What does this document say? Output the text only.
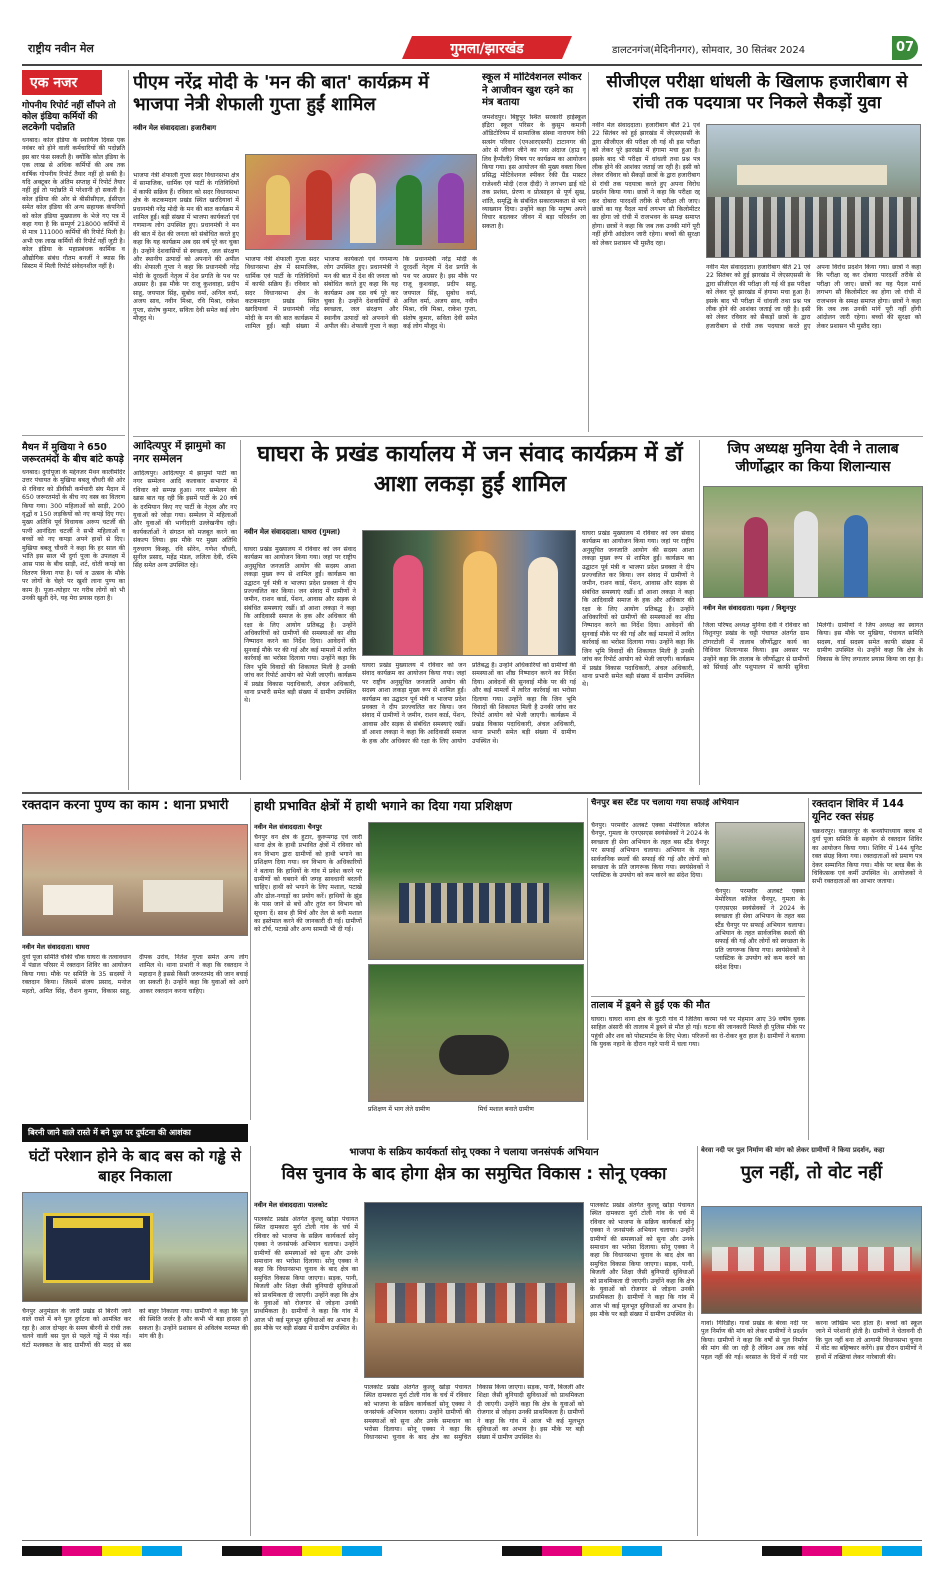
राष्ट्रीय नवीन मेल	गुमला/झारखंड	डालटनगंज(मेदिनीनगर), सोमवार, 30 सितंबर 2024	07
एक नजर
गोपनीय रिपोर्ट नहीं सौंपने तो कोल इंडिया कर्मियों की लटकेगी पदोन्नति
धनबाद। कोल इंडिया के स्थायित्व दिवस एक नवंबर को होने वाली कर्मचारियों की पदोन्नति इस बार फंस सकती है। क्योंकि कोल इंडिया के एक लाख से अधिक कर्मियों की अब तक वार्षिक गोपनीय रिपोर्ट तैयार नहीं हो सकी है। यदि अक्टूबर के अंतिम सप्ताह में रिपोर्ट तैयार नहीं हुई तो पदोन्नति में परेशानी हो सकती है। कोल इंडिया की ओर से बीसीसीएल, ईसीएल समेत कोल इंडिया की अन्य सहायक कंपनियों को कोल इंडिया मुख्यालय के भेजे गए पत्र में कहा गया है कि सम्पूर्ण 218000 कर्मियों में से मात्र 111000 कर्मियों की रिपोर्ट मिली है। अभी एक लाख कर्मियों की रिपोर्ट नहीं जुटी है। कोल इंडिया के महाप्रबंधक कार्मिक व औद्योगिक संबंध गौतम बनर्जी ने ब्यास कि सिस्टम में मिली रिपोर्ट संवेदनशील नहीं है।
मैथन में मुखिया ने 650 जरूरतमंदों के बीच बांटे कपड़े
धनबाद। दुर्गापूजा के मद्देनजर मैथन कालीमंदिर उत्तर पंचायत के मुखिया बबलू चौधरी की ओर से रविवार को डीवीसी कर्मचारी संघ मैदान में 650 जरूरतमंदों के बीच नए वस्त्र का वितरण किया गया। 300 महिलाओं को साड़ी, 200 वृद्धों व 150 लड़कियों को नए कपड़े दिए गए। मुख्य अतिथि पूर्व विधायक अरूप चटर्जी की पत्नी आनंदिता चटर्जी ने सभी महिलाओं व बच्चों को नए कपड़ा अपने हाथों से दिए। मुखिया बबलू चौधरी ने कहा कि हर साल की भांति इस साल भी दुर्गा पूजा के उपलक्ष्य में आस पास के बीच साड़ी, शर्ट, धोती कपड़े का वितरण किया गया है। पर्व व उत्सव के मौके पर लोगों के चेहरे पर खुशी लाना पुण्य का काम है। पूजा-त्योहार पर गरीब लोगों को भी उनकी खुशी देने, यह मेरा प्रयास रहता है।
पीएम नरेंद्र मोदी के 'मन की बात' कार्यक्रम में भाजपा नेत्री शेफाली गुप्ता हुईं शामिल
नवीन मेल संवाददाता। हजारीबाग
भाजपा नेत्री शेफाली गुप्ता सदर विधानसभा क्षेत्र में सामाजिक, धार्मिक एवं पार्टी के गतिविधियों में काफी सक्रिय हैं। रविवार को सदर विधानसभा क्षेत्र के कटकमदाग प्रखंड स्थित खरदियावां में प्रधानमंत्री नरेंद्र मोदी के मन की बात कार्यक्रम में शामिल हुईं। बड़ी संख्या में भाजपा कार्यकर्ता एवं गणमान्य लोग उपस्थित हुए। प्रधानमंत्री ने मन की बात में देश की जनता को संबोधित करते हुए कहा कि यह कार्यक्रम अब दस वर्ष पूरे कर चुका है। उन्होंने देशवासियों से स्वच्छता, जल संरक्षण और स्थानीय उत्पादों को अपनाने की अपील की। शेफाली गुप्ता ने कहा कि प्रधानमंत्री नरेंद्र मोदी के दूरदर्शी नेतृत्व में देश प्रगति के पथ पर अग्रसर है। इस मौके पर राजू कुशवाहा, प्रदीप साहू, जयपाल सिंह, सुबोध वर्मा, अनिल वर्मा, अजय साव, नवीन मिश्रा, रवि मिश्रा, राकेश गुप्ता, संतोष कुमार, सविता देवी समेत कई लोग मौजूद थे।
भाजपा नेत्री शेफाली गुप्ता सदर विधानसभा क्षेत्र में सामाजिक, धार्मिक एवं पार्टी के गतिविधियों में काफी सक्रिय हैं। रविवार को सदर विधानसभा क्षेत्र के कटकमदाग प्रखंड स्थित खरदियावां में प्रधानमंत्री नरेंद्र मोदी के मन की बात कार्यक्रम में शामिल हुईं। बड़ी संख्या में भाजपा कार्यकर्ता एवं गणमान्य लोग उपस्थित हुए। प्रधानमंत्री ने मन की बात में देश की जनता को संबोधित करते हुए कहा कि यह कार्यक्रम अब दस वर्ष पूरे कर चुका है। उन्होंने देशवासियों से स्वच्छता, जल संरक्षण और स्थानीय उत्पादों को अपनाने की अपील की। शेफाली गुप्ता ने कहा कि प्रधानमंत्री नरेंद्र मोदी के दूरदर्शी नेतृत्व में देश प्रगति के पथ पर अग्रसर है। इस मौके पर राजू कुशवाहा, प्रदीप साहू, जयपाल सिंह, सुबोध वर्मा, अनिल वर्मा, अजय साव, नवीन मिश्रा, रवि मिश्रा, राकेश गुप्ता, संतोष कुमार, सविता देवी समेत कई लोग मौजूद थे।
स्कूल में मोटिवेशनल स्पीकर ने आजीवन खुश रहने का मंत्र बताया
जमशेदपुर। बिष्टुपुर स्थित सरकारी हाईस्कूल इंद्रिरा स्कूल परिसर के कुसुम कमानी ऑडिटोरियम में सामाजिक संस्था नारायण रेकी सत्संग परिवार (एनआरएसपी) टाटानगर की ओर से जीवन जीने का नया अंदाज (हाउ वू लिव हैप्पीली) विषय पर कार्यक्रम का आयोजन किया गया। इस आयोजन की मुख्य वक्ता विश्व प्रसिद्ध मोटिवेशनल स्पीकर रेकी ग्रैंड मास्टर राजेश्वरी मोदी (राज दीदी) ने लगभग ढाई घंटे तक प्रशंसा, प्रेरणा व प्रोत्साहन से पूर्ण सुख, शांति, समृद्धि के संबंधित सकारात्मकता से भरा व्याख्यान दिया। उन्होंने कहा कि मनुष्य अपने विचार बदलकर जीवन में बड़ा परिवर्तन ला सकता है।
सीजीएल परीक्षा धांधली के खिलाफ हजारीबाग से रांची तक पदयात्रा पर निकले सैकड़ों युवा
नवीन मेल संवाददाता। हजारीबाग बीते 21 एवं 22 सितंबर को हुई झारखंड में जेएसएससी के द्वारा सीजीएल की परीक्षा ली गई थी इस परीक्षा को लेकर पूरे झारखंड में हंगामा मचा हुआ है। इसके बाद भी परीक्षा में धांधली तथा प्रश्न पत्र लीक होने की आशंका जताई जा रही है। इसी को लेकर रविवार को सैकड़ों छात्रों के द्वारा हजारीबाग से रांची तक पदयात्रा करते हुए अपना विरोध प्रदर्शन किया गया। छात्रों ने कहा कि परीक्षा रद्द कर दोबारा पारदर्शी तरीके से परीक्षा ली जाए। छात्रों का यह पैदल मार्च लगभग सौ किलोमीटर का होगा जो रांची में राजभवन के समक्ष समाप्त होगा। छात्रों ने कहा कि जब तक उनकी मांगें पूरी नहीं होंगी आंदोलन जारी रहेगा। बच्चों की सुरक्षा को लेकर प्रशासन भी मुस्तैद रहा।
नवीन मेल संवाददाता। हजारीबाग बीते 21 एवं 22 सितंबर को हुई झारखंड में जेएसएससी के द्वारा सीजीएल की परीक्षा ली गई थी इस परीक्षा को लेकर पूरे झारखंड में हंगामा मचा हुआ है। इसके बाद भी परीक्षा में धांधली तथा प्रश्न पत्र लीक होने की आशंका जताई जा रही है। इसी को लेकर रविवार को सैकड़ों छात्रों के द्वारा हजारीबाग से रांची तक पदयात्रा करते हुए अपना विरोध प्रदर्शन किया गया। छात्रों ने कहा कि परीक्षा रद्द कर दोबारा पारदर्शी तरीके से परीक्षा ली जाए। छात्रों का यह पैदल मार्च लगभग सौ किलोमीटर का होगा जो रांची में राजभवन के समक्ष समाप्त होगा। छात्रों ने कहा कि जब तक उनकी मांगें पूरी नहीं होंगी आंदोलन जारी रहेगा। बच्चों की सुरक्षा को लेकर प्रशासन भी मुस्तैद रहा।
आदित्यपुर में झामुमो का नगर सम्मेलन
आदित्यपुर। आदित्यपुर में झामुमो पार्टी का नगर सम्मेलन आदि कलाकार सभागार में रविवार को सम्पन्न हुआ। नगर सम्मेलन की खास बात यह रही कि इसमें पार्टी के 20 वर्ष के दरमियान किए गए पार्टी के नेतृत्व और नए युवाओं को जोड़ा गया। सम्मेलन में महिलाओं और युवाओं की भागीदारी उल्लेखनीय रही। कार्यकर्ताओं ने संगठन को मजबूत करने का संकल्प लिया। इस मौके पर मुख्य अतिथि गुरुचरण किस्कू, रवि सोरेन, गणेश चौधरी, सुनील प्रसाद, महेंद्र मंडल, ललिता देवी, रश्मि सिंह समेत अन्य उपस्थित रहे।
घाघरा के प्रखंड कार्यालय में जन संवाद कार्यक्रम में डॉ आशा लकड़ा हुईं शामिल
नवीन मेल संवाददाता। घाघरा (गुमला)
घाघरा प्रखंड मुख्यालय में रविवार को जन संवाद कार्यक्रम का आयोजन किया गया। जहां पर राष्ट्रीय अनुसूचित जनजाति आयोग की सदस्य आशा लकड़ा मुख्य रूप से शामिल हुईं। कार्यक्रम का उद्घाटन पूर्व मंत्री व भाजपा प्रदेश प्रवक्ता ने दीप प्रज्ज्वलित कर किया। जन संवाद में ग्रामीणों ने जमीन, राशन कार्ड, पेंशन, आवास और सड़क से संबंधित समस्याएं रखीं। डॉ आशा लकड़ा ने कहा कि आदिवासी समाज के हक और अधिकार की रक्षा के लिए आयोग प्रतिबद्ध है। उन्होंने अधिकारियों को ग्रामीणों की समस्याओं का शीघ्र निष्पादन करने का निर्देश दिया। आवेदनों की सुनवाई मौके पर की गई और कई मामलों में त्वरित कार्रवाई का भरोसा दिलाया गया। उन्होंने कहा कि जिन भूमि विवादों की शिकायत मिली है उनकी जांच कर रिपोर्ट आयोग को भेजी जाएगी। कार्यक्रम में प्रखंड विकास पदाधिकारी, अंचल अधिकारी, थाना प्रभारी समेत बड़ी संख्या में ग्रामीण उपस्थित थे।
घाघरा प्रखंड मुख्यालय में रविवार को जन संवाद कार्यक्रम का आयोजन किया गया। जहां पर राष्ट्रीय अनुसूचित जनजाति आयोग की सदस्य आशा लकड़ा मुख्य रूप से शामिल हुईं। कार्यक्रम का उद्घाटन पूर्व मंत्री व भाजपा प्रदेश प्रवक्ता ने दीप प्रज्ज्वलित कर किया। जन संवाद में ग्रामीणों ने जमीन, राशन कार्ड, पेंशन, आवास और सड़क से संबंधित समस्याएं रखीं। डॉ आशा लकड़ा ने कहा कि आदिवासी समाज के हक और अधिकार की रक्षा के लिए आयोग प्रतिबद्ध है। उन्होंने अधिकारियों को ग्रामीणों की समस्याओं का शीघ्र निष्पादन करने का निर्देश दिया। आवेदनों की सुनवाई मौके पर की गई और कई मामलों में त्वरित कार्रवाई का भरोसा दिलाया गया। उन्होंने कहा कि जिन भूमि विवादों की शिकायत मिली है उनकी जांच कर रिपोर्ट आयोग को भेजी जाएगी। कार्यक्रम में प्रखंड विकास पदाधिकारी, अंचल अधिकारी, थाना प्रभारी समेत बड़ी संख्या में ग्रामीण उपस्थित थे।
घाघरा प्रखंड मुख्यालय में रविवार को जन संवाद कार्यक्रम का आयोजन किया गया। जहां पर राष्ट्रीय अनुसूचित जनजाति आयोग की सदस्य आशा लकड़ा मुख्य रूप से शामिल हुईं। कार्यक्रम का उद्घाटन पूर्व मंत्री व भाजपा प्रदेश प्रवक्ता ने दीप प्रज्ज्वलित कर किया। जन संवाद में ग्रामीणों ने जमीन, राशन कार्ड, पेंशन, आवास और सड़क से संबंधित समस्याएं रखीं। डॉ आशा लकड़ा ने कहा कि आदिवासी समाज के हक और अधिकार की रक्षा के लिए आयोग प्रतिबद्ध है। उन्होंने अधिकारियों को ग्रामीणों की समस्याओं का शीघ्र निष्पादन करने का निर्देश दिया। आवेदनों की सुनवाई मौके पर की गई और कई मामलों में त्वरित कार्रवाई का भरोसा दिलाया गया। उन्होंने कहा कि जिन भूमि विवादों की शिकायत मिली है उनकी जांच कर रिपोर्ट आयोग को भेजी जाएगी। कार्यक्रम में प्रखंड विकास पदाधिकारी, अंचल अधिकारी, थाना प्रभारी समेत बड़ी संख्या में ग्रामीण उपस्थित थे।
जिप अध्यक्ष मुनिया देवी ने तालाब जीर्णोद्धार का किया शिलान्यास
नवीन मेल संवाददाता। गढ़वा / विशुनपुर
जिला परिषद अध्यक्ष मुनिया देवी ने रविवार को विशुनपुर प्रखंड के चट्टी पंचायत अंतर्गत ग्राम टांगरटोली में तालाब जीर्णोद्धार कार्य का विधिवत शिलान्यास किया। इस अवसर पर उन्होंने कहा कि तालाब के जीर्णोद्धार से ग्रामीणों को सिंचाई और पशुपालन में काफी सुविधा मिलेगी। ग्रामीणों ने जिप अध्यक्ष का स्वागत किया। इस मौके पर मुखिया, पंचायत समिति सदस्य, वार्ड सदस्य समेत काफी संख्या में ग्रामीण उपस्थित थे। उन्होंने कहा कि क्षेत्र के विकास के लिए लगातार प्रयास किया जा रहा है।
रक्तदान करना पुण्य का काम : थाना प्रभारी
नवीन मेल संवाददाता। घाघरा
दुर्गा पूजा समिति चौकी चौक घाघरा के तत्वावधान में पंडाल परिसर में रक्तदान शिविर का आयोजन किया गया। मौके पर समिति के 35 सदस्यों ने रक्तदान किया। जिसमें संजय प्रसाद, मनोज महतो, अमित सिंह, रौशन कुमार, विकास साहू, दीपक उरांव, नितेश गुप्ता समेत अन्य लोग शामिल थे। थाना प्रभारी ने कहा कि रक्तदान ने महादान है इससे किसी जरूरतमंद की जान बचाई जा सकती है। उन्होंने कहा कि युवाओं को आगे आकर रक्तदान करना चाहिए।
हाथी प्रभावित क्षेत्रों में हाथी भगाने का दिया गया प्रशिक्षण
नवीन मेल संवाददाता। चैनपुर
चैनपुर वन क्षेत्र के हुटार, कुरूमगढ़ एवं जारी थाना क्षेत्र के हाथी प्रभावित क्षेत्रों में रविवार को वन विभाग द्वारा ग्रामीणों को हाथी भगाने का प्रशिक्षण दिया गया। वन विभाग के अधिकारियों ने बताया कि हाथियों के गांव में प्रवेश करने पर ग्रामीणों को घबराने की जगह सावधानी बरतनी चाहिए। हाथी को भगाने के लिए मशाल, पटाखे और ढोल-नगाड़ों का प्रयोग करें। हाथियों के झुंड के पास जाने से बचें और तुरंत वन विभाग को सूचना दें। साथ ही मिर्च और तेल से बनी मशाल का इस्तेमाल करने की जानकारी दी गई। ग्रामीणों को टॉर्च, पटाखे और अन्य सामग्री भी दी गई।
प्रशिक्षण में भाग लेते ग्रामीण	मिर्च मशाल बनाते ग्रामीण
चैनपुर बस स्टैंड पर चलाया गया सफाई अभियान
चैनपुर। परमवीर अलबर्ट एक्का मेमोरियल कॉलेज चैनपुर, गुमला के एनएसएस स्वयंसेवकों ने 2024 के स्वच्छता ही सेवा अभियान के तहत बस स्टैंड चैनपुर पर सफाई अभियान चलाया। अभियान के तहत सार्वजनिक स्थलों की सफाई की गई और लोगों को स्वच्छता के प्रति जागरूक किया गया। स्वयंसेवकों ने प्लास्टिक के उपयोग को कम करने का संदेश दिया।
चैनपुर। परमवीर अलबर्ट एक्का मेमोरियल कॉलेज चैनपुर, गुमला के एनएसएस स्वयंसेवकों ने 2024 के स्वच्छता ही सेवा अभियान के तहत बस स्टैंड चैनपुर पर सफाई अभियान चलाया। अभियान के तहत सार्वजनिक स्थलों की सफाई की गई और लोगों को स्वच्छता के प्रति जागरूक किया गया। स्वयंसेवकों ने प्लास्टिक के उपयोग को कम करने का संदेश दिया।
तालाब में डूबने से हुई एक की मौत
घाघरा। घाघरा थाना क्षेत्र के पुटरी गांव में जितिया करमा पर्व पर मेहमान आए 39 वर्षीय युवक साहिल अंसारी की तालाब में डूबने से मौत हो गई। घटना की जानकारी मिलते ही पुलिस मौके पर पहुंची और शव को पोस्टमार्टम के लिए भेजा। परिजनों का रो-रोकर बुरा हाल है। ग्रामीणों ने बताया कि युवक नहाने के दौरान गहरे पानी में चला गया।
रक्तदान शिविर में 144 यूनिट रक्त संग्रह
चक्रधरपुर। चक्रधरपुर के बन्ध्योपाध्याय क्लब में दुर्गा पूजा समिति के सहयोग से रक्तदान शिविर का आयोजन किया गया। शिविर में 144 यूनिट रक्त संग्रह किया गया। रक्तदाताओं को प्रमाण पत्र देकर सम्मानित किया गया। मौके पर ब्लड बैंक के चिकित्सक एवं कर्मी उपस्थित थे। आयोजकों ने सभी रक्तदाताओं का आभार जताया।
बिरनी जाने वाले रास्ते में बने पुल पर दुर्घटना की आशंका
घंटों परेशान होने के बाद बस को गड्ढे से बाहर निकाला
चैनपुर अनुमंडल के जारी प्रखंड से बिरनी जाने वाले रास्ते में बने पुल दुर्घटना को आमंत्रित कर रहा है। आज दोपहर के समय बीरनी से रांची तक चलने वाली बस पुल से पहले गड्ढे में फंस गई। घंटों मशक्कत के बाद ग्रामीणों की मदद से बस को बाहर निकाला गया। ग्रामीणों ने कहा कि पुल की स्थिति जर्जर है और कभी भी बड़ा हादसा हो सकता है। उन्होंने प्रशासन से अविलंब मरम्मत की मांग की है।
भाजपा के सक्रिय कार्यकर्ता सोनू एक्का ने चलाया जनसंपर्क अभियान
विस चुनाव के बाद होगा क्षेत्र का समुचित विकास : सोनू एक्का
नवीन मेल संवाददाता। पालकोट
पालकोट प्रखंड अंतर्गत कुल्लू खोड़ा पंचायत स्थित दामकारा मुर्रा टोली गांव के चर्च में रविवार को भाजपा के सक्रिय कार्यकर्ता सोनू एक्का ने जनसंपर्क अभियान चलाया। उन्होंने ग्रामीणों की समस्याओं को सुना और उनके समाधान का भरोसा दिलाया। सोनू एक्का ने कहा कि विधानसभा चुनाव के बाद क्षेत्र का समुचित विकास किया जाएगा। सड़क, पानी, बिजली और शिक्षा जैसी बुनियादी सुविधाओं को प्राथमिकता दी जाएगी। उन्होंने कहा कि क्षेत्र के युवाओं को रोजगार से जोड़ना उनकी प्राथमिकता है। ग्रामीणों ने कहा कि गांव में आज भी कई मूलभूत सुविधाओं का अभाव है। इस मौके पर बड़ी संख्या में ग्रामीण उपस्थित थे।
पालकोट प्रखंड अंतर्गत कुल्लू खोड़ा पंचायत स्थित दामकारा मुर्रा टोली गांव के चर्च में रविवार को भाजपा के सक्रिय कार्यकर्ता सोनू एक्का ने जनसंपर्क अभियान चलाया। उन्होंने ग्रामीणों की समस्याओं को सुना और उनके समाधान का भरोसा दिलाया। सोनू एक्का ने कहा कि विधानसभा चुनाव के बाद क्षेत्र का समुचित विकास किया जाएगा। सड़क, पानी, बिजली और शिक्षा जैसी बुनियादी सुविधाओं को प्राथमिकता दी जाएगी। उन्होंने कहा कि क्षेत्र के युवाओं को रोजगार से जोड़ना उनकी प्राथमिकता है। ग्रामीणों ने कहा कि गांव में आज भी कई मूलभूत सुविधाओं का अभाव है। इस मौके पर बड़ी संख्या में ग्रामीण उपस्थित थे।
पालकोट प्रखंड अंतर्गत कुल्लू खोड़ा पंचायत स्थित दामकारा मुर्रा टोली गांव के चर्च में रविवार को भाजपा के सक्रिय कार्यकर्ता सोनू एक्का ने जनसंपर्क अभियान चलाया। उन्होंने ग्रामीणों की समस्याओं को सुना और उनके समाधान का भरोसा दिलाया। सोनू एक्का ने कहा कि विधानसभा चुनाव के बाद क्षेत्र का समुचित विकास किया जाएगा। सड़क, पानी, बिजली और शिक्षा जैसी बुनियादी सुविधाओं को प्राथमिकता दी जाएगी। उन्होंने कहा कि क्षेत्र के युवाओं को रोजगार से जोड़ना उनकी प्राथमिकता है। ग्रामीणों ने कहा कि गांव में आज भी कई मूलभूत सुविधाओं का अभाव है। इस मौके पर बड़ी संख्या में ग्रामीण उपस्थित थे।
बेरवा नदी पर पुल निर्माण की मांग को लेकर ग्रामीणों ने किया प्रदर्शन, कहा
पुल नहीं, तो वोट नहीं
गावां। गिरिडीह। गावां प्रखंड के बेरवा नदी पर पुल निर्माण की मांग को लेकर ग्रामीणों ने प्रदर्शन किया। ग्रामीणों ने कहा कि वर्षों से पुल निर्माण की मांग की जा रही है लेकिन अब तक कोई पहल नहीं की गई। बरसात के दिनों में नदी पार करना जोखिम भरा होता है। बच्चों को स्कूल जाने में परेशानी होती है। ग्रामीणों ने चेतावनी दी कि पुल नहीं बना तो आगामी विधानसभा चुनाव में वोट का बहिष्कार करेंगे। इस दौरान ग्रामीणों ने हाथों में तख्तियां लेकर नारेबाजी की।
